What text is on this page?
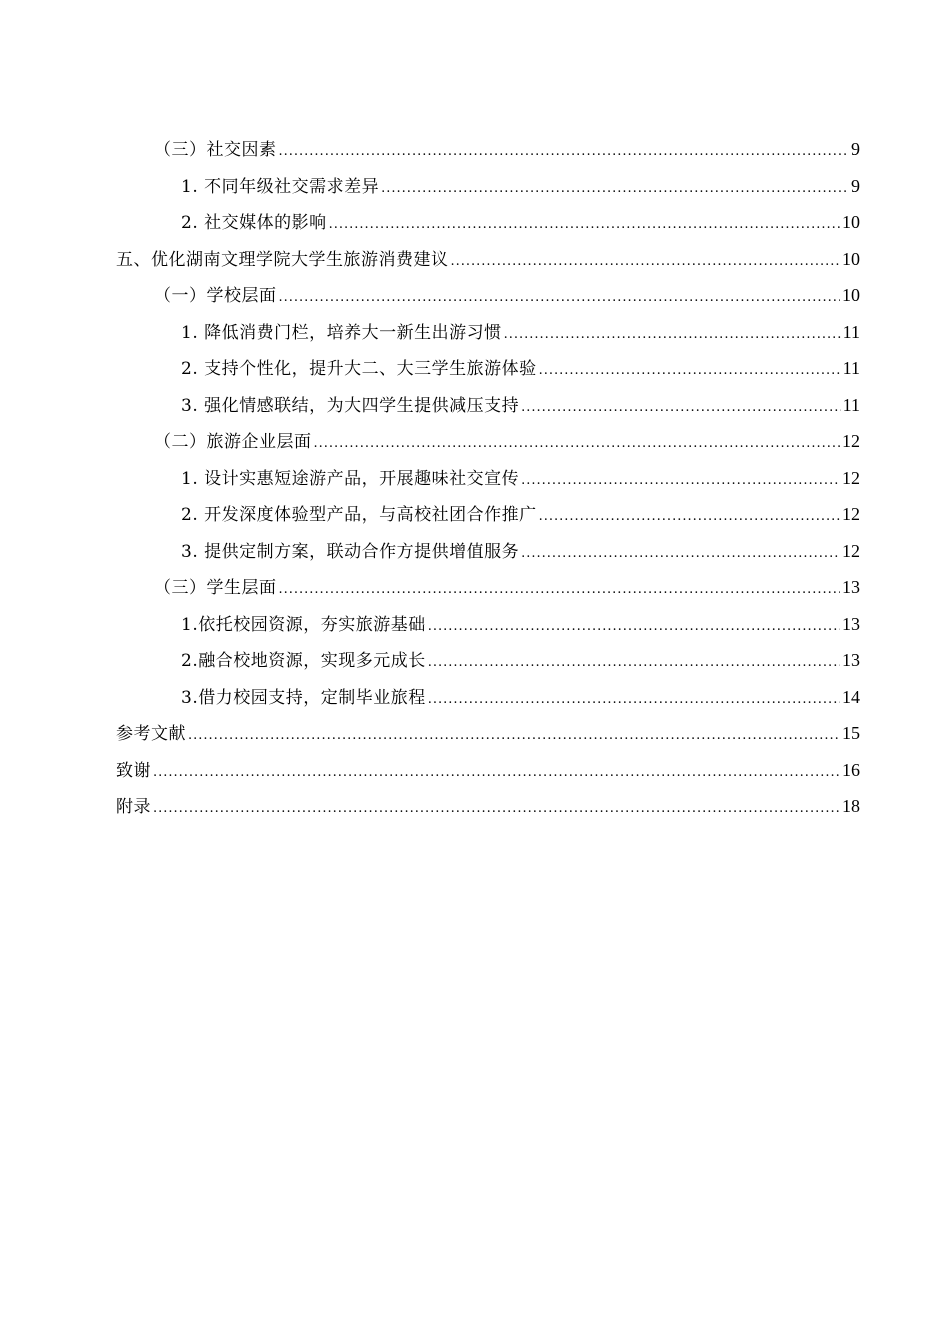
（三）社交因素 .....	9
1. 不同年级社交需求差异 .....	9
2. 社交媒体的影响 .....	10
五、优化湖南文理学院大学生旅游消费建议 .....	10
（一）学校层面 .....	10
1. 降低消费门栏，培养大一新生出游习惯 .....	11
2. 支持个性化，提升大二、大三学生旅游体验 .....	11
3. 强化情感联结，为大四学生提供减压支持 .....	11
（二）旅游企业层面 .....	12
1. 设计实惠短途游产品，开展趣味社交宣传 .....	12
2. 开发深度体验型产品，与高校社团合作推广 .....	12
3. 提供定制方案，联动合作方提供增值服务 .....	12
（三）学生层面 .....	13
1.依托校园资源，夯实旅游基础 .....	13
2.融合校地资源，实现多元成长 .....	13
3.借力校园支持，定制毕业旅程 .....	14
参考文献 .....	15
致谢 .....	16
附录 .....	18
